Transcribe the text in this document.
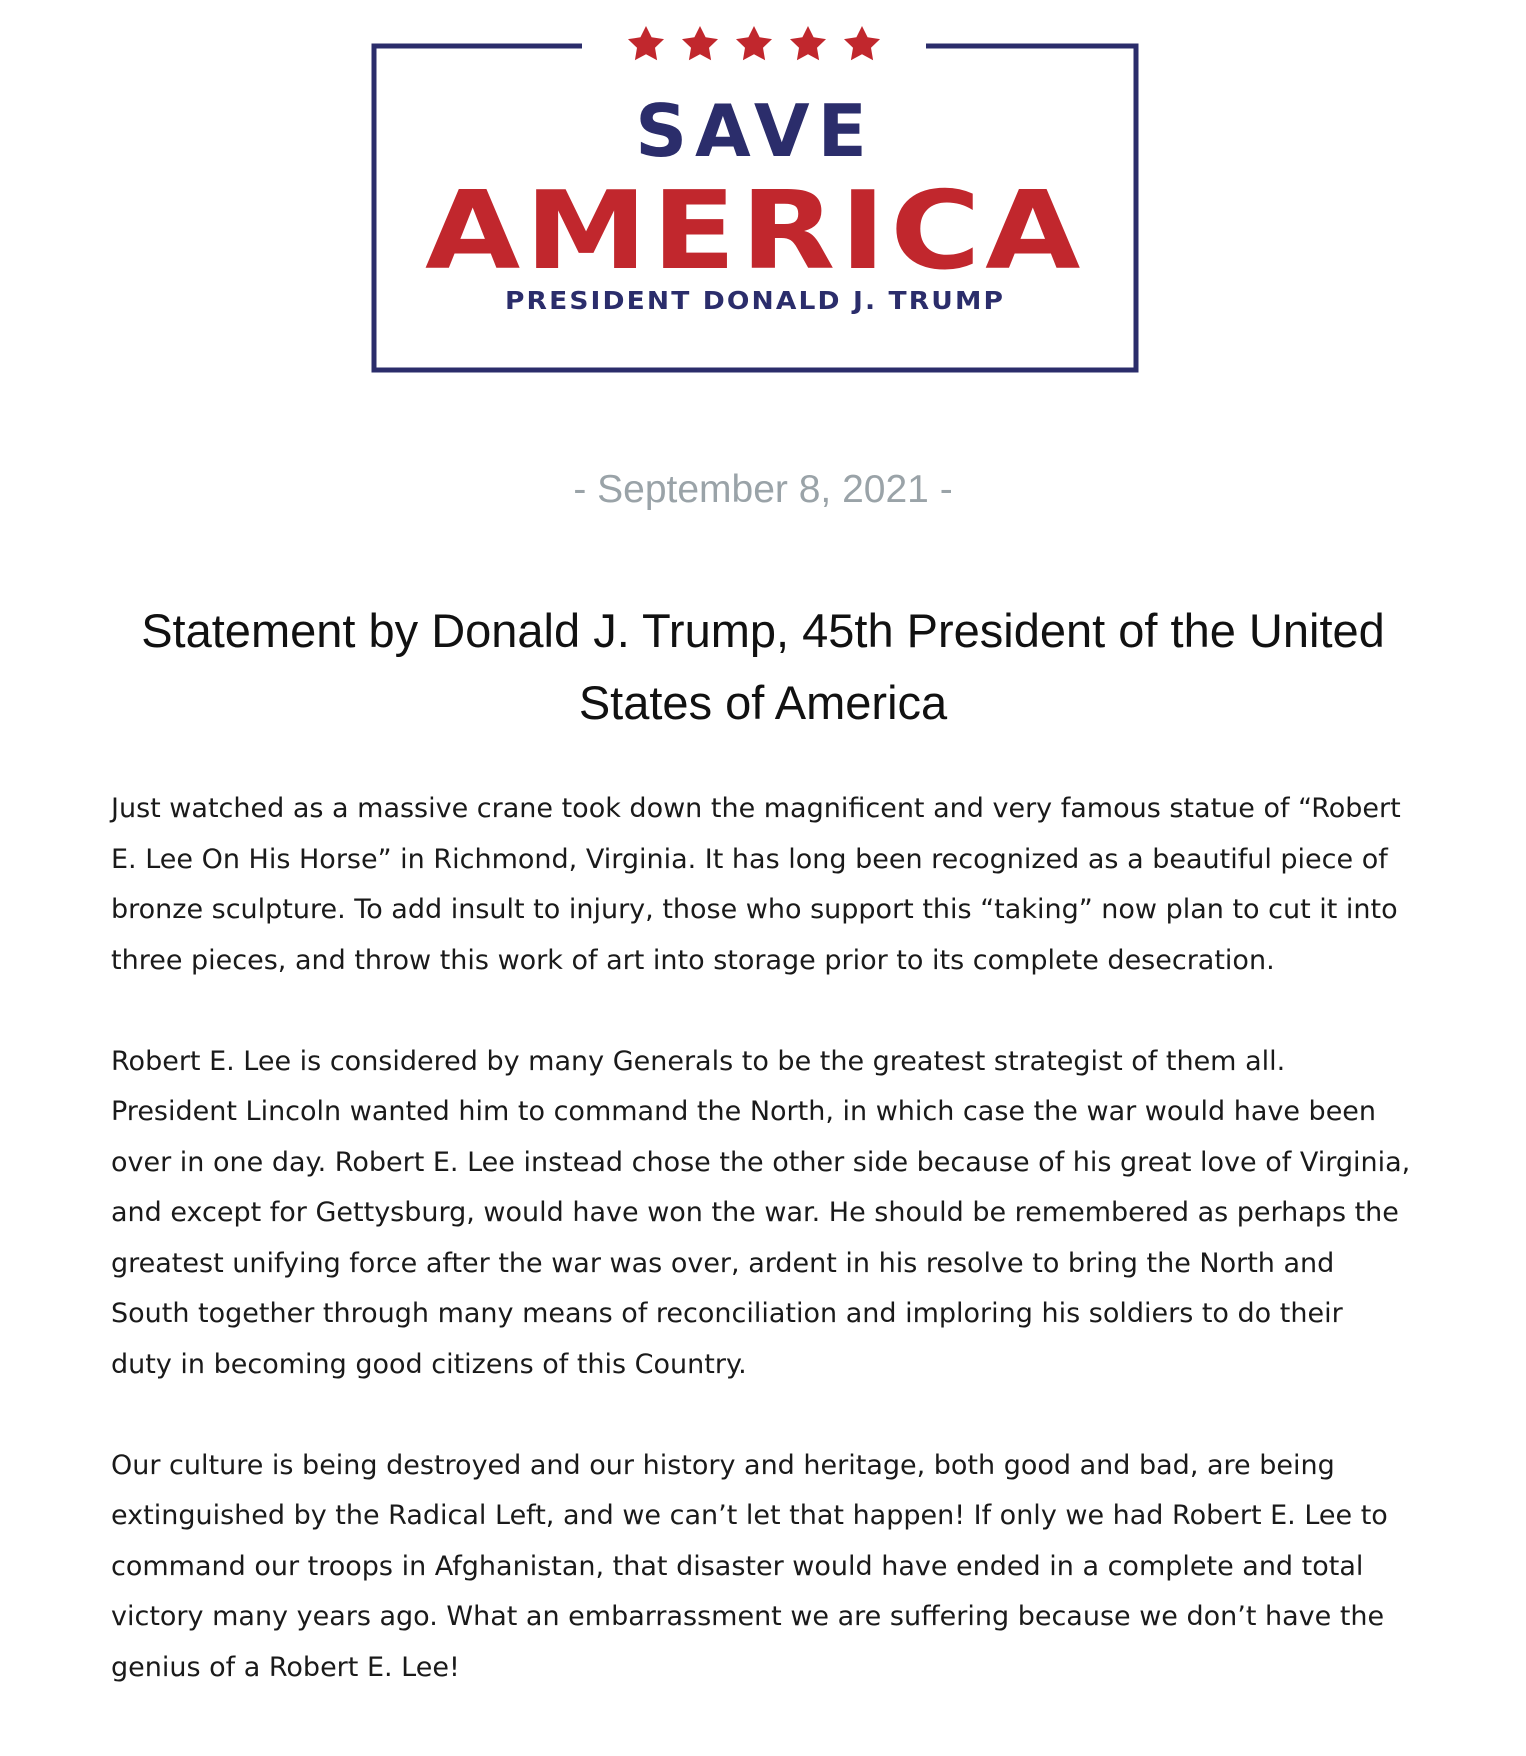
SAVE
AMERICA
PRESIDENT DONALD J. TRUMP
- September 8, 2021 -
Statement by Donald J. Trump, 45th President of the United States of America

Just watched as a massive crane took down the magnificent and very famous statue of “Robert E. Lee On His Horse” in Richmond, Virginia. It has long been recognized as a beautiful piece of bronze sculpture. To add insult to injury, those who support this “taking” now plan to cut it into three pieces, and throw this work of art into storage prior to its complete desecration.

Robert E. Lee is considered by many Generals to be the greatest strategist of them all. President Lincoln wanted him to command the North, in which case the war would have been over in one day. Robert E. Lee instead chose the other side because of his great love of Virginia, and except for Gettysburg, would have won the war. He should be remembered as perhaps the greatest unifying force after the war was over, ardent in his resolve to bring the North and South together through many means of reconciliation and imploring his soldiers to do their duty in becoming good citizens of this Country.

Our culture is being destroyed and our history and heritage, both good and bad, are being extinguished by the Radical Left, and we can’t let that happen! If only we had Robert E. Lee to command our troops in Afghanistan, that disaster would have ended in a complete and total victory many years ago. What an embarrassment we are suffering because we don’t have the genius of a Robert E. Lee!
